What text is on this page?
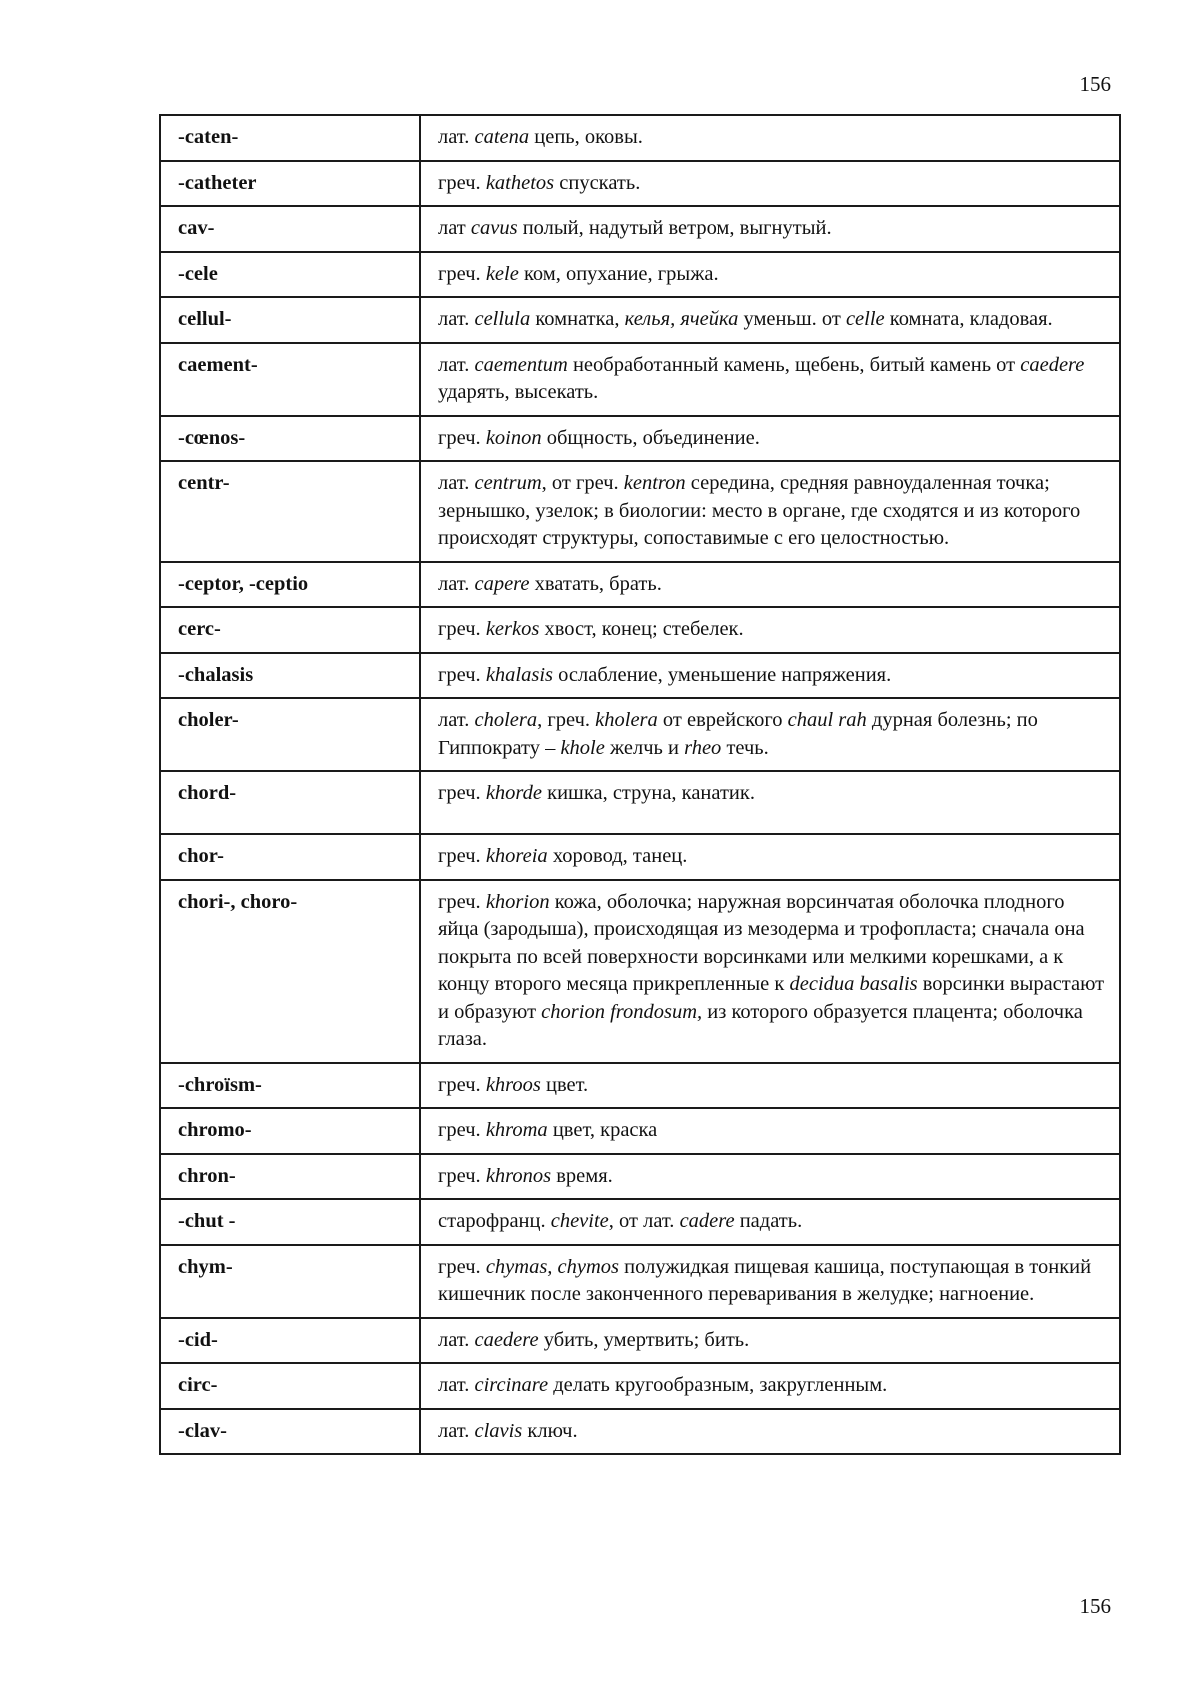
156
-caten-	лат. catena цепь, оковы.
-catheter	греч. kathetos спускать.
cav-	лат cavus полый, надутый ветром, выгнутый.
-cele	греч. kele ком, опухание, грыжа.
cellul-	лат. cellula комнатка, келья, ячейка уменьш. от celle комната, кладовая.
caement-	лат. caementum необработанный камень, щебень, битый камень от caedere ударять, высекать.
-cœnos-	греч. koinon общность, объединение.
centr-	лат. centrum, от греч. kentron середина, средняя равноудаленная точка; зернышко, узелок; в биологии: место в органе, где сходятся и из которого происходят структуры, сопоставимые с его целостностью.
-ceptor, -ceptio	лат. capere хватать, брать.
cerc-	греч. kerkos хвост, конец; стебелек.
-chalasis	греч. khalasis ослабление, уменьшение напряжения.
choler-	лат. cholera, греч. kholera от еврейского chaul rah дурная болезнь; по Гиппократу – khole желчь и rheo течь.
chord-	греч. khorde кишка, струна, канатик.
chor-	греч. khoreia хоровод, танец.
chori-, choro-	греч. khorion кожа, оболочка; наружная ворсинчатая оболочка плодного яйца (зародыша), происходящая из мезодерма и трофопласта; сначала она покрыта по всей поверхности ворсинками или мелкими корешками, а к концу второго месяца прикрепленные к decidua basalis ворсинки вырастают и образуют chorion frondosum, из которого образуется плацента; оболочка глаза.
-chroïsm-	греч. khroos цвет.
chromo-	греч. khroma цвет, краска
chron-	греч. khronos время.
-chut -	старофранц. chevite, от лат. cadere падать.
chym-	греч. chymas, chymos полужидкая пищевая кашица, поступающая в тонкий кишечник после законченного переваривания в желудке; нагноение.
-cid-	лат. caedere убить, умертвить; бить.
circ-	лат. circinare делать кругообразным, закругленным.
-clav-	лат. clavis ключ.
156
